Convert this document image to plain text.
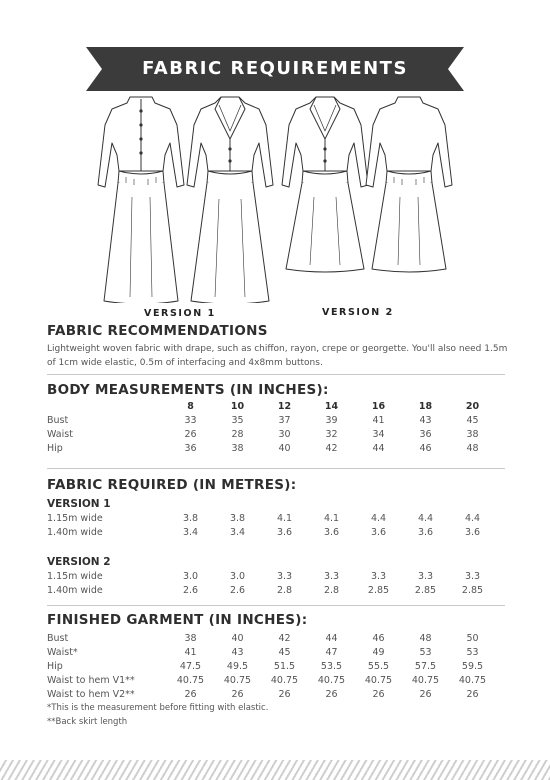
FABRIC REQUIREMENTS
VERSION 1	VERSION 2
FABRIC RECOMMENDATIONS
Lightweight woven fabric with drape, such as chiffon, rayon, crepe or georgette. You'll also need 1.5m of 1cm wide elastic, 0.5m of interfacing and 4x8mm buttons.
BODY MEASUREMENTS (IN INCHES):
	8	10	12	14	16	18	20
Bust	33	35	37	39	41	43	45
Waist	26	28	30	32	34	36	38
Hip	36	38	40	42	44	46	48
FABRIC REQUIRED (IN METRES):
VERSION 1
1.15m wide	3.8	3.8	4.1	4.1	4.4	4.4	4.4
1.40m wide	3.4	3.4	3.6	3.6	3.6	3.6	3.6
VERSION 2
1.15m wide	3.0	3.0	3.3	3.3	3.3	3.3	3.3
1.40m wide	2.6	2.6	2.8	2.8	2.85	2.85	2.85
FINISHED GARMENT (IN INCHES):
Bust	38	40	42	44	46	48	50
Waist*	41	43	45	47	49	53	53
Hip	47.5	49.5	51.5	53.5	55.5	57.5	59.5
Waist to hem V1**	40.75	40.75	40.75	40.75	40.75	40.75	40.75
Waist to hem V2**	26	26	26	26	26	26	26
*This is the measurement before fitting with elastic.
**Back skirt length
